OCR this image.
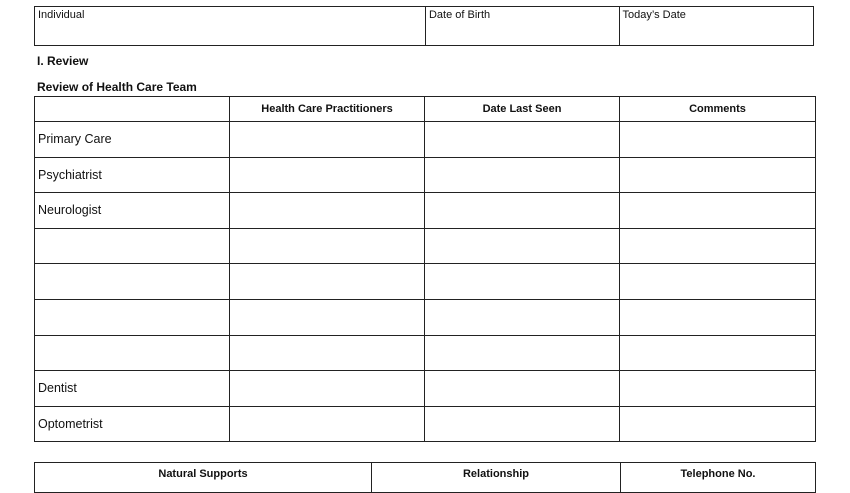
Individual	Date of Birth	Today’s Date
I. Review
Review of Health Care Team
	Health Care Practitioners	Date Last Seen	Comments
Primary Care			
Psychiatrist			
Neurologist			

Dentist			
Optometrist			
Natural Supports	Relationship	Telephone No.
